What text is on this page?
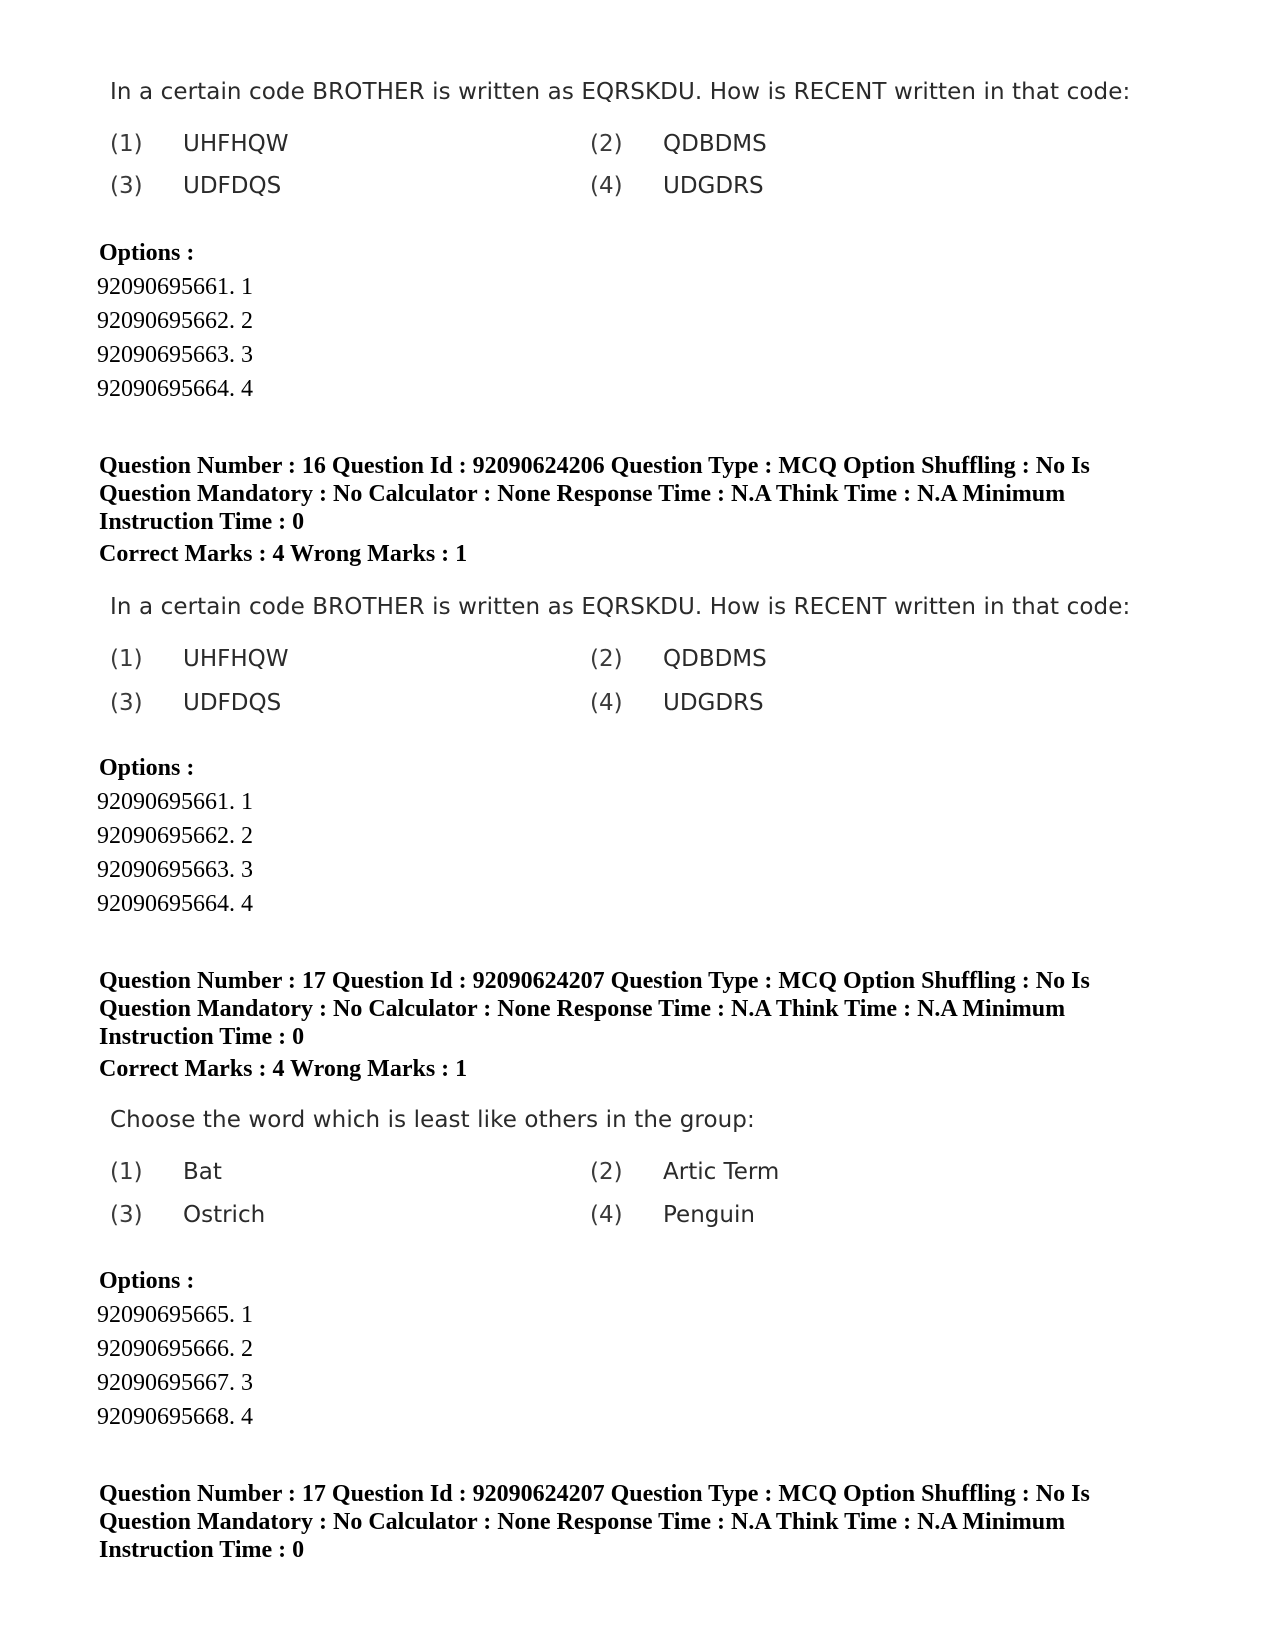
In a certain code BROTHER is written as EQRSKDU. How is RECENT written in that code:
(1) UHFHQW	(2) QDBDMS
(3) UDFDQS	(4) UDGDRS
Options :
92090695661. 1
92090695662. 2
92090695663. 3
92090695664. 4
Question Number : 16 Question Id : 92090624206 Question Type : MCQ Option Shuffling : No Is
Question Mandatory : No Calculator : None Response Time : N.A Think Time : N.A Minimum
Instruction Time : 0
Correct Marks : 4 Wrong Marks : 1
In a certain code BROTHER is written as EQRSKDU. How is RECENT written in that code:
(1) UHFHQW	(2) QDBDMS
(3) UDFDQS	(4) UDGDRS
Options :
92090695661. 1
92090695662. 2
92090695663. 3
92090695664. 4
Question Number : 17 Question Id : 92090624207 Question Type : MCQ Option Shuffling : No Is
Question Mandatory : No Calculator : None Response Time : N.A Think Time : N.A Minimum
Instruction Time : 0
Correct Marks : 4 Wrong Marks : 1
Choose the word which is least like others in the group:
(1) Bat	(2) Artic Term
(3) Ostrich	(4) Penguin
Options :
92090695665. 1
92090695666. 2
92090695667. 3
92090695668. 4
Question Number : 17 Question Id : 92090624207 Question Type : MCQ Option Shuffling : No Is
Question Mandatory : No Calculator : None Response Time : N.A Think Time : N.A Minimum
Instruction Time : 0
